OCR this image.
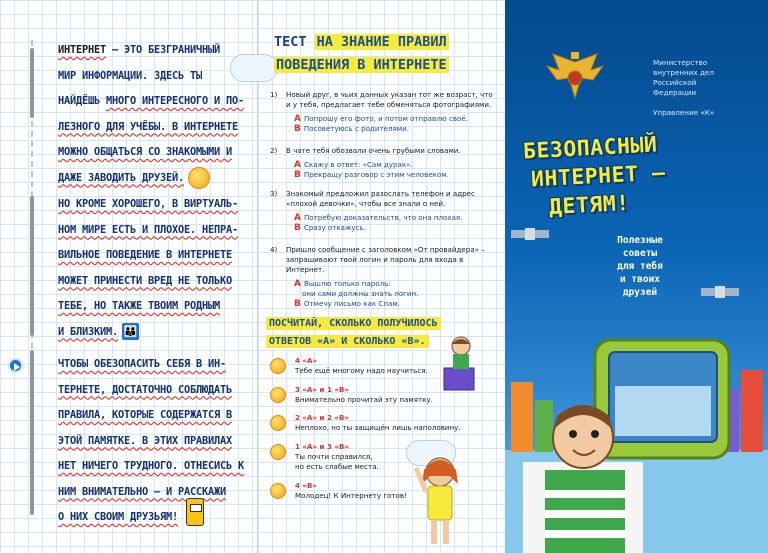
ИНТЕРНЕТ – ЭТО БЕЗГРАНИЧНЫЙ
МИР ИНФОРМАЦИИ. ЗДЕСЬ ТЫ
НАЙДЁШЬ МНОГО ИНТЕРЕСНОГО И ПО-
ЛЕЗНОГО ДЛЯ УЧЁБЫ. В ИНТЕРНЕТЕ
МОЖНО ОБЩАТЬСЯ СО ЗНАКОМЫМИ И
ДАЖЕ ЗАВОДИТЬ ДРУЗЕЙ.
НО КРОМЕ ХОРОШЕГО, В ВИРТУАЛЬ-
НОМ МИРЕ ЕСТЬ И ПЛОХОЕ. НЕПРА-
ВИЛЬНОЕ ПОВЕДЕНИЕ В ИНТЕРНЕТЕ
МОЖЕТ ПРИНЕСТИ ВРЕД НЕ ТОЛЬКО
ТЕБЕ, НО ТАКЖЕ ТВОИМ РОДНЫМ
И БЛИЗКИМ. 👪
ЧТОБЫ ОБЕЗОПАСИТЬ СЕБЯ В ИН-
ТЕРНЕТЕ, ДОСТАТОЧНО СОБЛЮДАТЬ
ПРАВИЛА, КОТОРЫЕ СОДЕРЖАТСЯ В
ЭТОЙ ПАМЯТКЕ. В ЭТИХ ПРАВИЛАХ
НЕТ НИЧЕГО ТРУДНОГО. ОТНЕСИСЬ К
НИМ ВНИМАТЕЛЬНО – И РАССКАЖИ
О НИХ СВОИМ ДРУЗЬЯМ!
ТЕСТ НА ЗНАНИЕ ПРАВИЛ
ПОВЕДЕНИЯ В ИНТЕРНЕТЕ
1) Новый друг, в чьих данных указан тот же возраст, что и у тебя, предлагает тебе обменяться фотографиями.
А Попрошу его фото, и потом отправлю своё.
В Посоветуюсь с родителями.
2) В чате тебя обозвали очень грубыми словами.
А Скажу в ответ: «Сам дурак».
В Прекращу разговор с этим человеком.
3) Знакомый предложил разослать телефон и адрес «плохой девочки», чтобы все знали о ней.
А Потребую доказательств, что она плохая.
В Сразу откажусь.
4) Пришло сообщение с заголовком «От провайдера» – запрашивают твой логин и пароль для входа в Интернет.
А Вышлю только пароль:
они сами должны знать логин.
В Отмечу письмо как Спам.
ПОСЧИТАЙ, СКОЛЬКО ПОЛУЧИЛОСЬ
ОТВЕТОВ «А» И СКОЛЬКО «В».
4 «А»
Тебе ещё многому надо научиться.
3 «А» и 1 «В»
Внимательно прочитай эту памятку.
2 «А» и 2 «В»
Неплохо, но ты защищён лишь наполовину.
1 «А» и 3 «В»
Ты почти справился,
но есть слабые места.
4 «В»
Молодец! К Интернету готов!
Министерство
внутренних дел
Российской
Федерации
Управление «К»
БЕЗОПАСНЫЙ
ИНТЕРНЕТ –
ДЕТЯМ!
Полезные
советы
для тебя
и твоих
друзей
